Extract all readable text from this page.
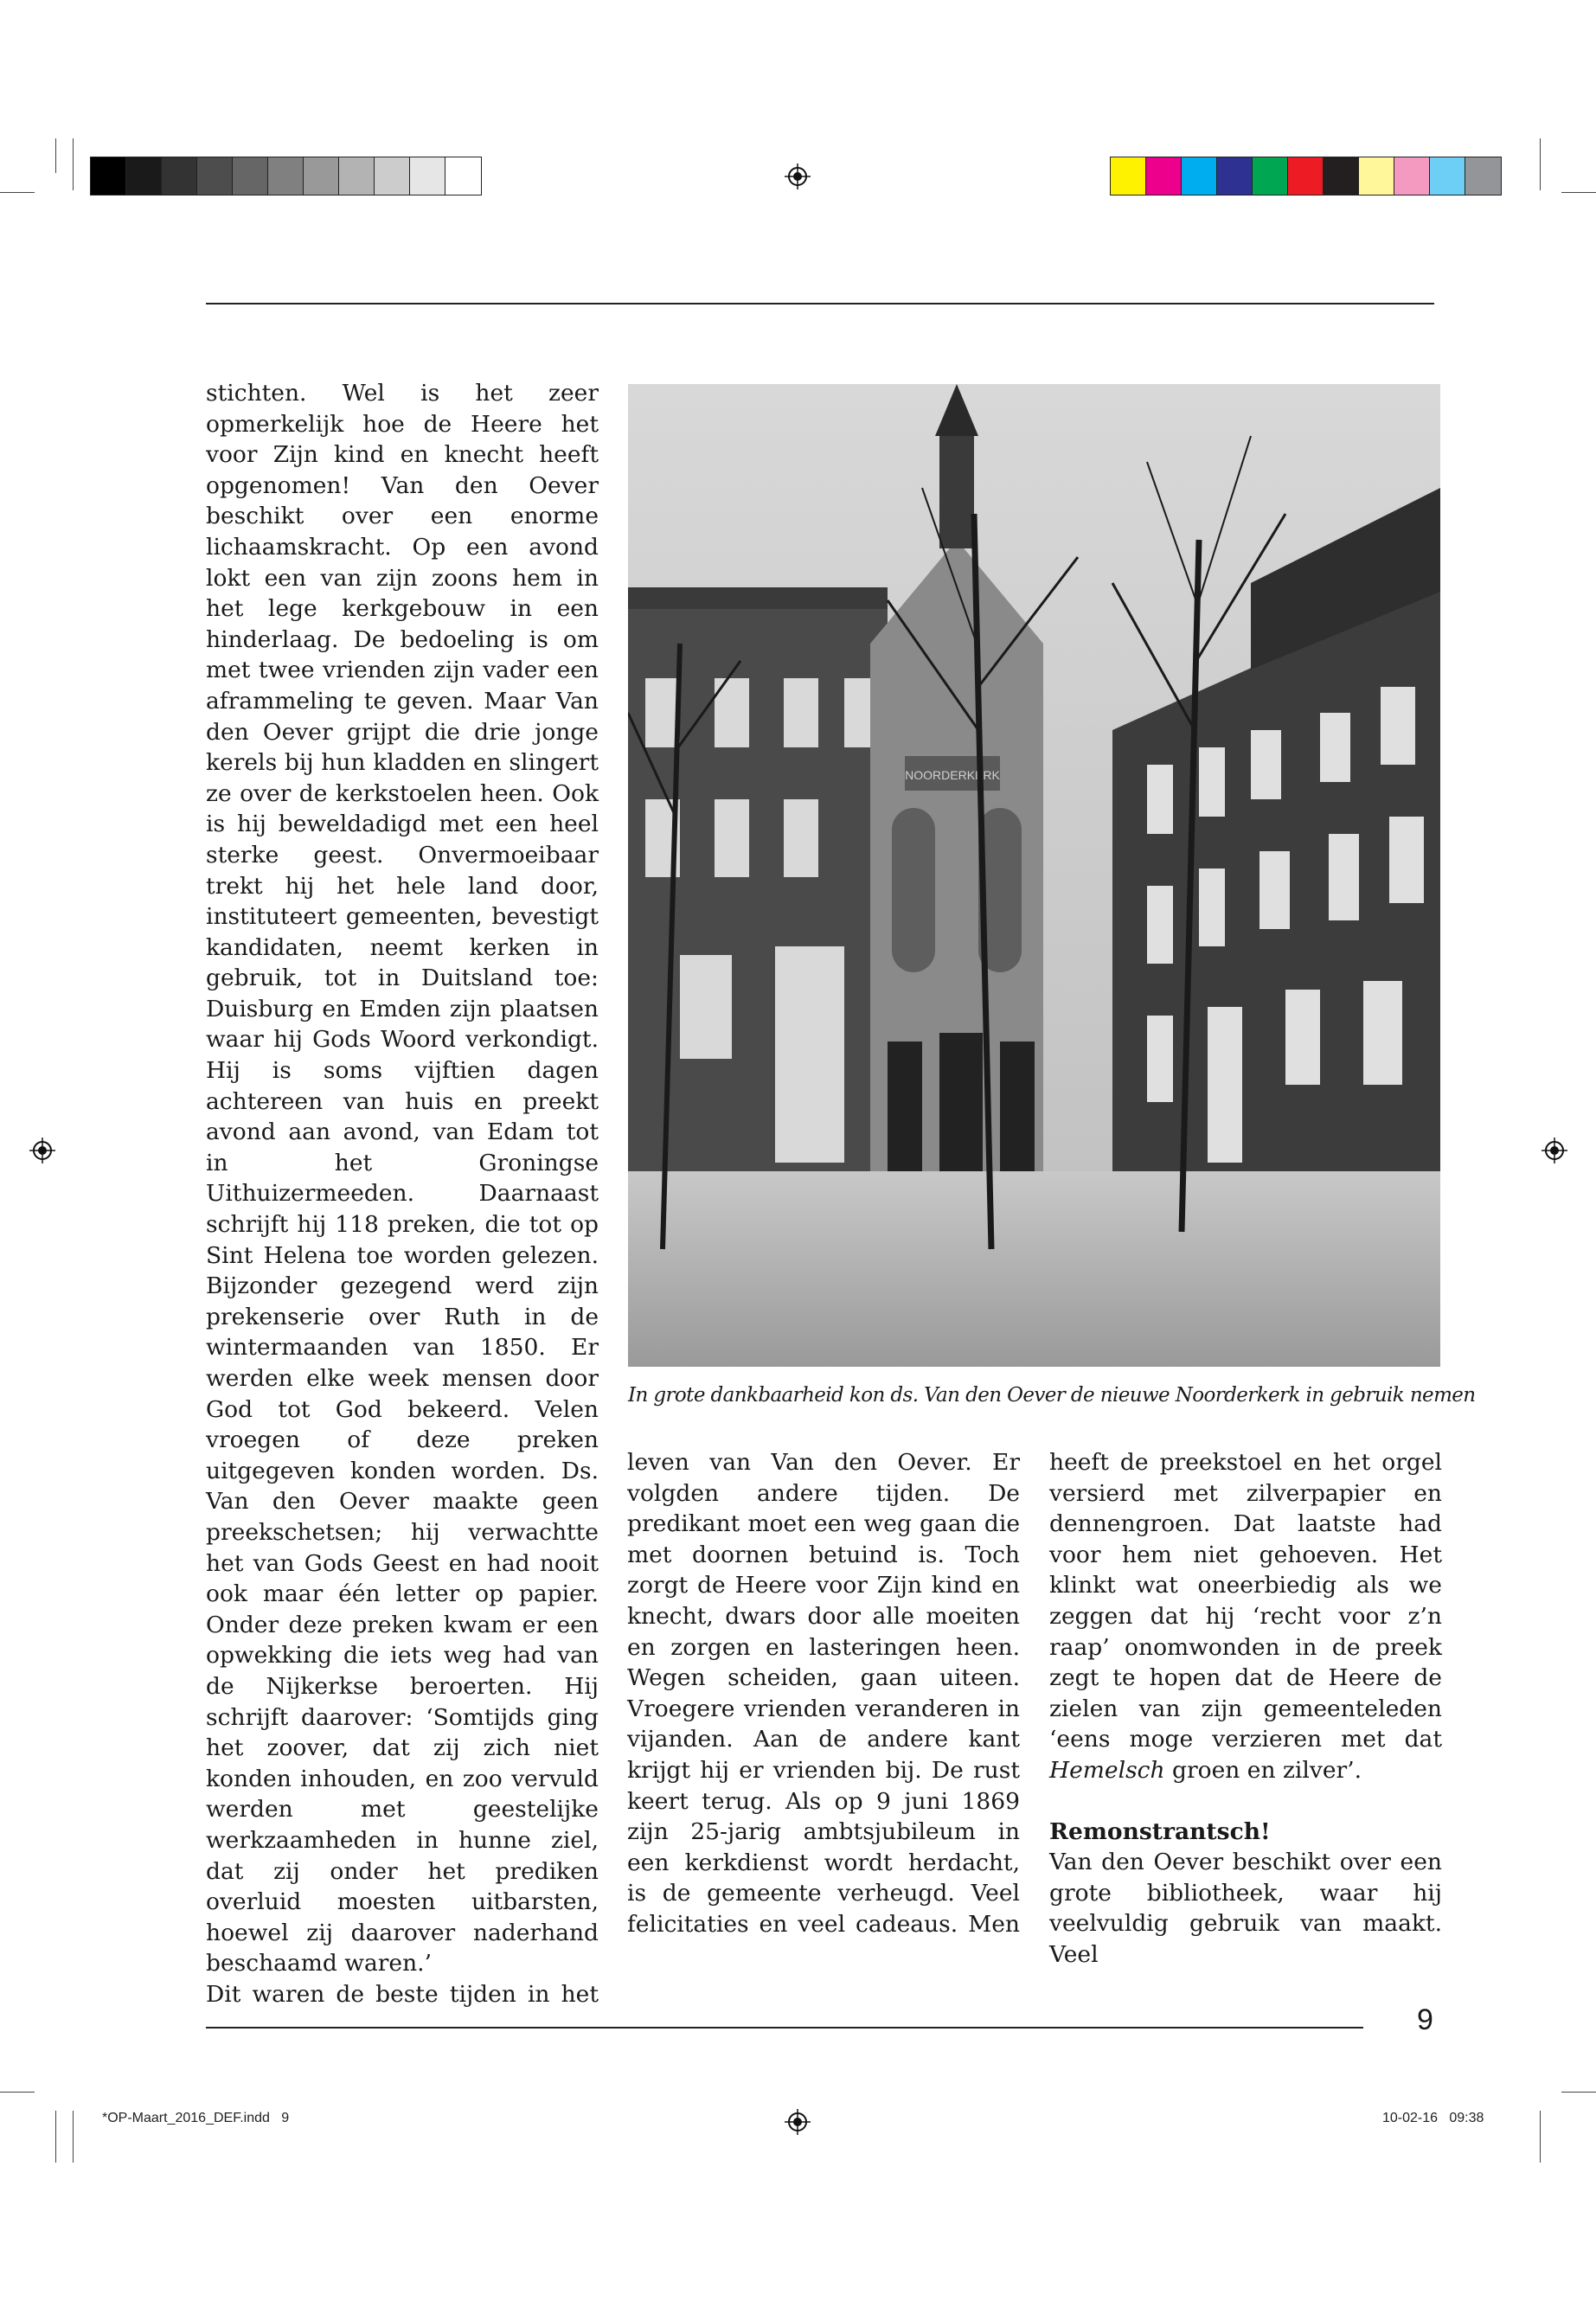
stichten. Wel is het zeer opmerkelijk hoe de Heere het voor Zijn kind en knecht heeft opgenomen! Van den Oever beschikt over een enorme lichaamskracht. Op een avond lokt een van zijn zoons hem in het lege kerkgebouw in een hinderlaag. De bedoeling is om met twee vrienden zijn vader een aframmeling te geven. Maar Van den Oever grijpt die drie jonge kerels bij hun kladden en slingert ze over de kerkstoelen heen. Ook is hij beweldadigd met een heel sterke geest. Onvermoeibaar trekt hij het hele land door, instituteert gemeenten, bevestigt kandidaten, neemt kerken in gebruik, tot in Duitsland toe: Duisburg en Emden zijn plaatsen waar hij Gods Woord verkondigt. Hij is soms vijftien dagen achtereen van huis en preekt avond aan avond, van Edam tot in het Groningse Uithuizermeeden. Daarnaast schrijft hij 118 preken, die tot op Sint Helena toe worden gelezen. Bijzonder gezegend werd zijn prekenserie over Ruth in de wintermaanden van 1850. Er werden elke week mensen door God tot God bekeerd. Velen vroegen of deze preken uitgegeven konden worden. Ds. Van den Oever maakte geen preekschetsen; hij verwachtte het van Gods Geest en had nooit ook maar één letter op papier. Onder deze preken kwam er een opwekking die iets weg had van de Nijkerkse beroerten. Hij schrijft daarover: ‘Somtijds ging het zoover, dat zij zich niet konden inhouden, en zoo vervuld werden met geestelijke werkzaamheden in hunne ziel, dat zij onder het prediken overluid moesten uitbarsten, hoewel zij daarover naderhand beschaamd waren.’

Dit waren de beste tijden in het

NOORDERKERK
In grote dankbaarheid kon ds. Van den Oever de nieuwe Noorderkerk in gebruik nemen

leven van Van den Oever. Er volgden andere tijden. De predikant moet een weg gaan die met doornen betuind is. Toch zorgt de Heere voor Zijn kind en knecht, dwars door alle moeiten en zorgen en lasteringen heen. Wegen scheiden, gaan uiteen. Vroegere vrienden veranderen in vijanden. Aan de andere kant krijgt hij er vrienden bij. De rust keert terug. Als op 9 juni 1869 zijn 25-jarig ambtsjubileum in een kerkdienst wordt herdacht, is de gemeente verheugd. Veel felicitaties en veel cadeaus. Men

heeft de preekstoel en het orgel versierd met zilverpapier en dennengroen. Dat laatste had voor hem niet gehoeven. Het klinkt wat oneerbiedig als we zeggen dat hij ‘recht voor z’n raap’ onomwonden in de preek zegt te hopen dat de Heere de zielen van zijn gemeenteleden ‘eens moge verzieren met dat Hemelsch groen en zilver’.

Remonstrantsch!

Van den Oever beschikt over een grote bibliotheek, waar hij veelvuldig gebruik van maakt. Veel

9
*OP-Maart_2016_DEF.indd   9	10-02-16   09:38
